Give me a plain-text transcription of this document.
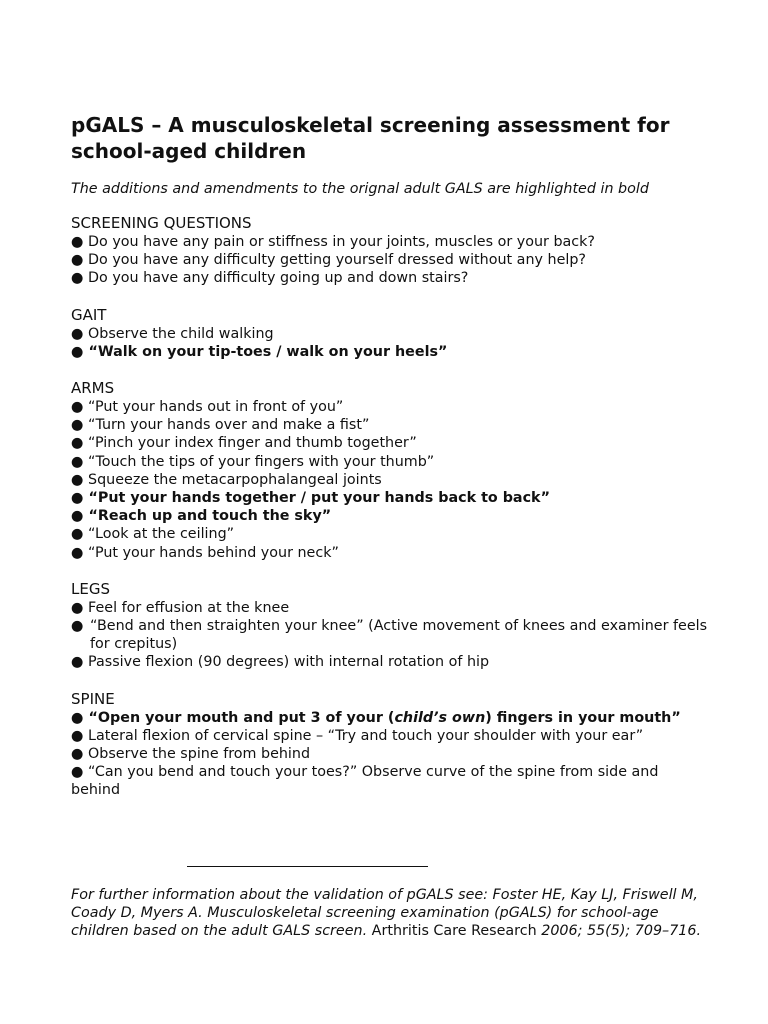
pGALS – A musculoskeletal screening assessment for school-aged children

The additions and amendments to the orignal adult GALS are highlighted in bold

SCREENING QUESTIONS
● Do you have any pain or stiffness in your joints, muscles or your back?
● Do you have any difficulty getting yourself dressed without any help?
● Do you have any difficulty going up and down stairs?
GAIT
● Observe the child walking
● “Walk on your tip-toes / walk on your heels”
ARMS
● “Put your hands out in front of you”
● “Turn your hands over and make a fist”
● “Pinch your index finger and thumb together”
● “Touch the tips of your fingers with your thumb”
● Squeeze the metacarpophalangeal joints
● “Put your hands together / put your hands back to back”
● “Reach up and touch the sky”
● “Look at the ceiling”
● “Put your hands behind your neck”
LEGS
● Feel for effusion at the knee
● “Bend and then straighten your knee” (Active movement of knees and examiner feels for crepitus)
● Passive flexion (90 degrees) with internal rotation of hip
SPINE
● “Open your mouth and put 3 of your (child’s own) fingers in your mouth”
● Lateral flexion of cervical spine – “Try and touch your shoulder with your ear”
● Observe the spine from behind
● “Can you bend and touch your toes?” Observe curve of the spine from side and behind

For further information about the validation of pGALS see: Foster HE, Kay LJ, Friswell M, Coady D, Myers A. Musculoskeletal screening examination (pGALS) for school-age children based on the adult GALS screen. Arthritis Care Research 2006; 55(5); 709–716.
